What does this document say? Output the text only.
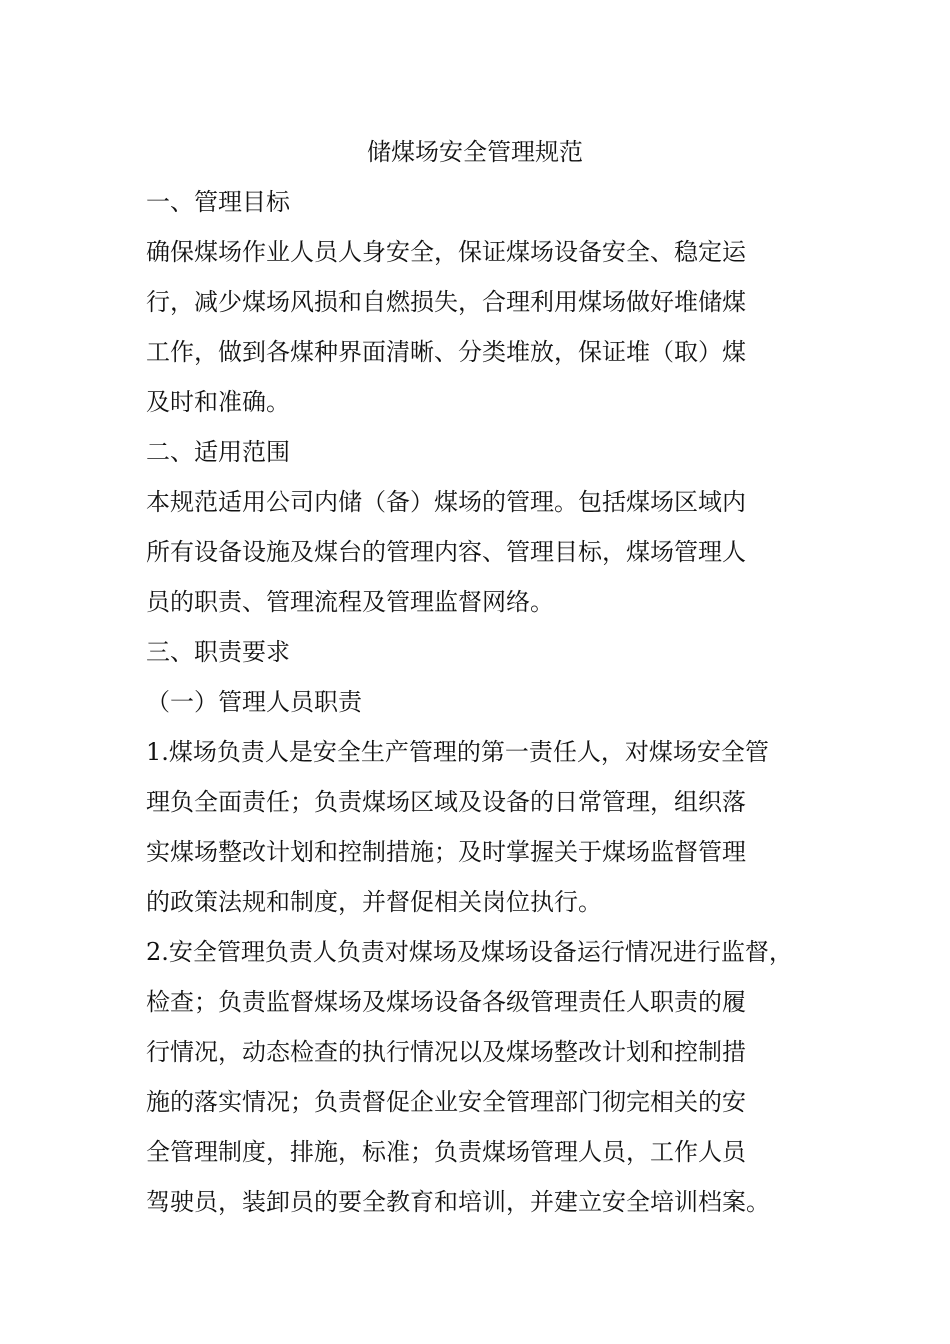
储煤场安全管理规范
一、管理目标
确保煤场作业人员人身安全，保证煤场设备安全、稳定运
行，减少煤场风损和自燃损失，合理利用煤场做好堆储煤
工作，做到各煤种界面清晰、分类堆放，保证堆（取）煤
及时和准确。
二、适用范围
本规范适用公司内储（备）煤场的管理。包括煤场区域内
所有设备设施及煤台的管理内容、管理目标，煤场管理人
员的职责、管理流程及管理监督网络。
三、职责要求
（一）管理人员职责
1.煤场负责人是安全生产管理的第一责任人，对煤场安全管
理负全面责任；负责煤场区域及设备的日常管理，组织落
实煤场整改计划和控制措施；及时掌握关于煤场监督管理
的政策法规和制度，并督促相关岗位执行。
2.安全管理负责人负责对煤场及煤场设备运行情况进行监督，
检查；负责监督煤场及煤场设备各级管理责任人职责的履
行情况，动态检查的执行情况以及煤场整改计划和控制措
施的落实情况；负责督促企业安全管理部门彻完相关的安
全管理制度，排施，标准；负责煤场管理人员，工作人员
驾驶员，装卸员的要全教育和培训，并建立安全培训档案。
